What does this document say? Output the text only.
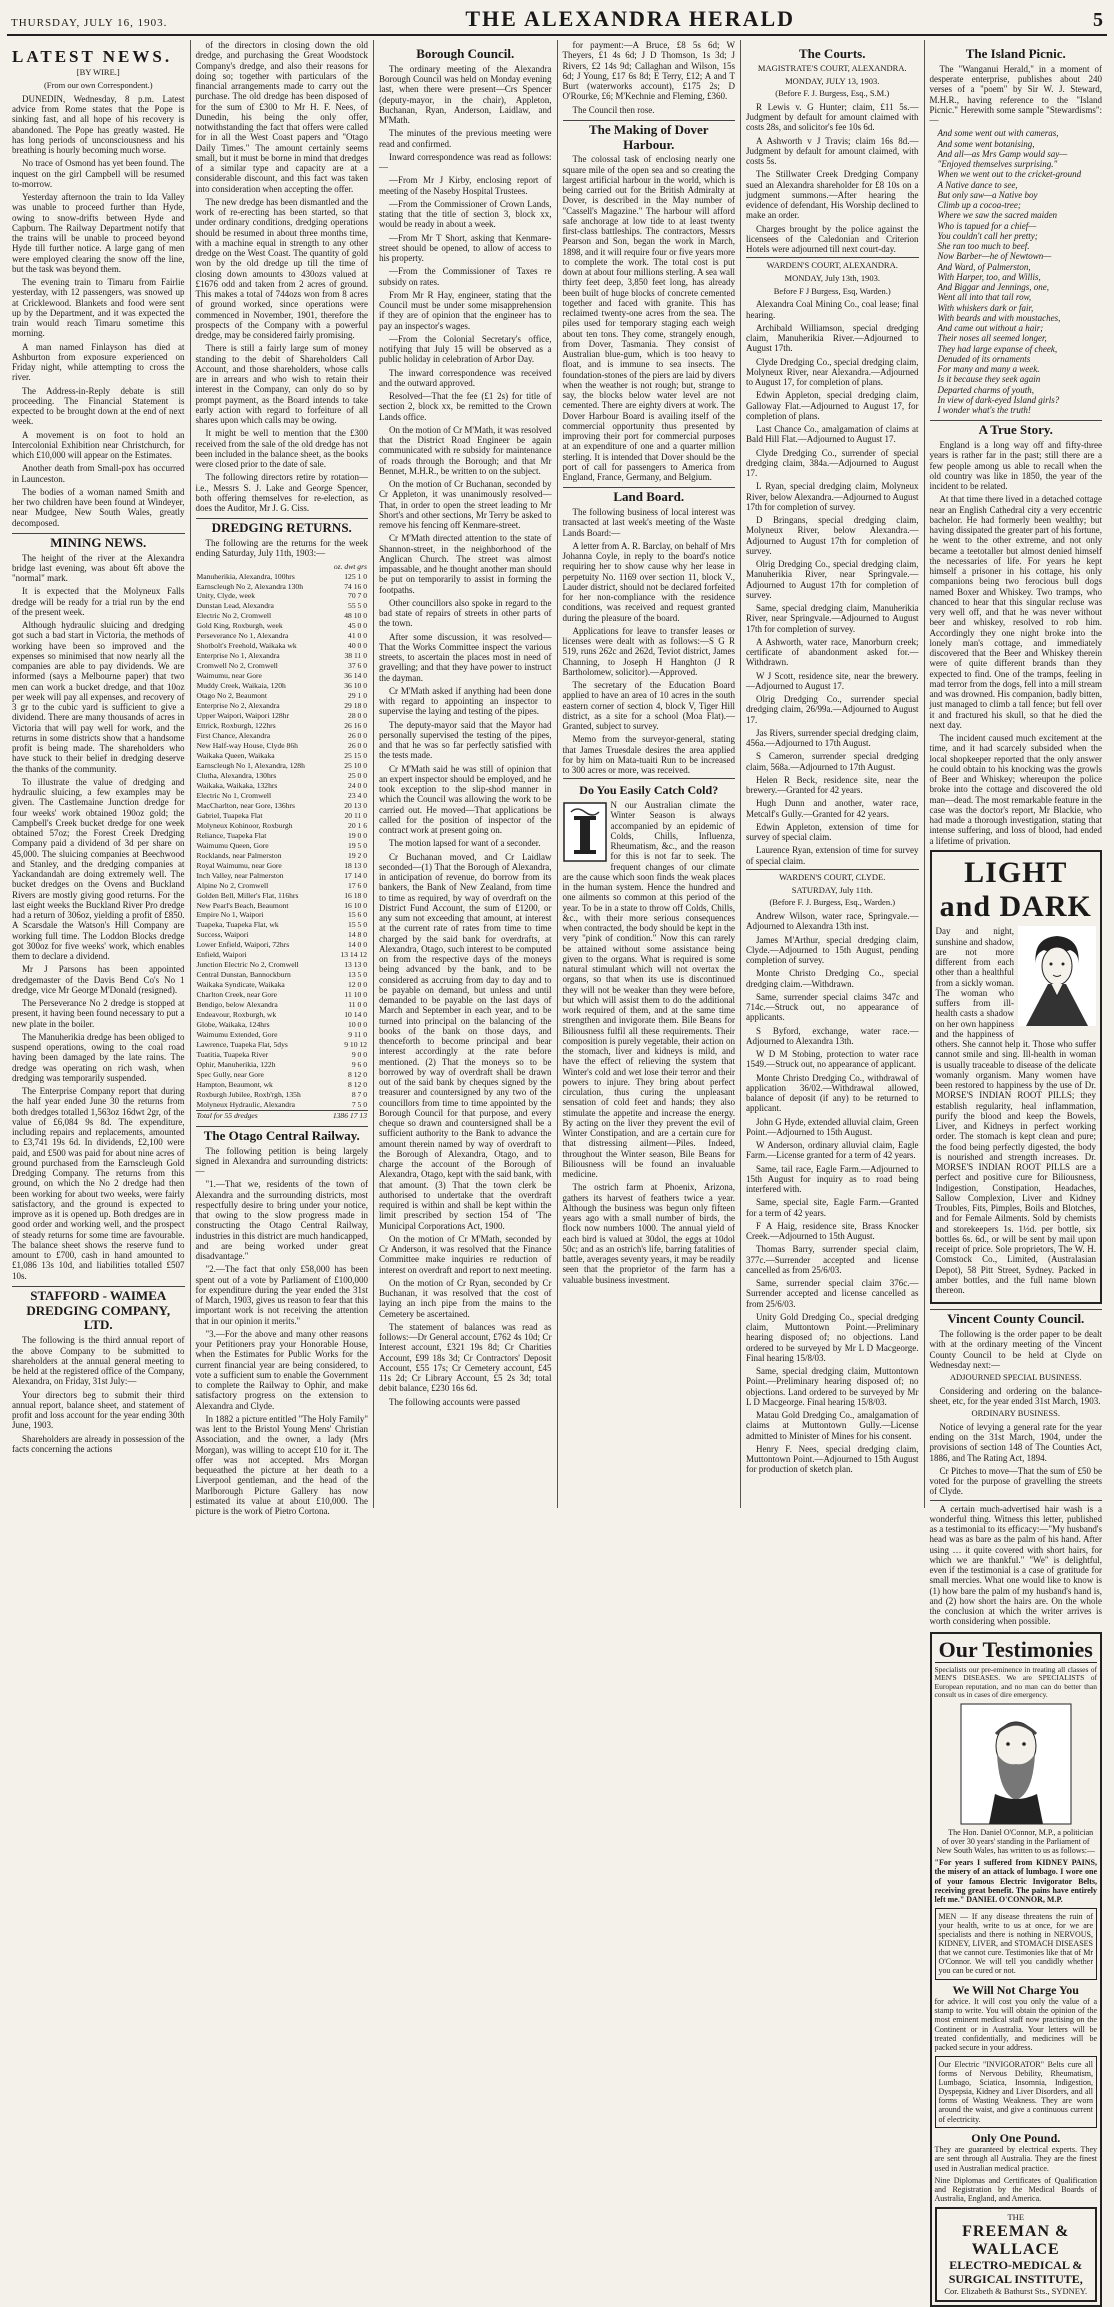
THURSDAY, JULY 16, 1903.	THE ALEXANDRA HERALD	5
LATEST NEWS.

[BY WIRE.]

(From our own Correspondent.)

DUNEDIN, Wednesday, 8 p.m. Latest advice from Rome states that the Pope is sinking fast, and all hope of his recovery is abandoned. The Pope has greatly wasted. He has long periods of unconsciousness and his breathing is hourly becoming much worse.

No trace of Osmond has yet been found. The inquest on the girl Campbell will be resumed to-morrow.

Yesterday afternoon the train to Ida Valley was unable to proceed further than Hyde, owing to snow-drifts between Hyde and Capburn. The Railway Department notify that the trains will be unable to proceed beyond Hyde till further notice. A large gang of men were employed clearing the snow off the line, but the task was beyond them.

The evening train to Timaru from Fairlie yesterday, with 12 passengers, was snowed up at Cricklewood. Blankets and food were sent up by the Department, and it was expected the train would reach Timaru sometime this morning.

A man named Finlayson has died at Ashburton from exposure experienced on Friday night, while attempting to cross the river.

The Address-in-Reply debate is still proceeding. The Financial Statement is expected to be brought down at the end of next week.

A movement is on foot to hold an Intercolonial Exhibition near Christchurch, for which £10,000 will appear on the Estimates.

Another death from Small-pox has occurred in Launceston.

The bodies of a woman named Smith and her two children have been found at Windeyer, near Mudgee, New South Wales, greatly decomposed.

MINING NEWS.

The height of the river at the Alexandra bridge last evening, was about 6ft above the "normal" mark.

It is expected that the Molyneux Falls dredge will be ready for a trial run by the end of the present week.

Although hydraulic sluicing and dredging got such a bad start in Victoria, the methods of working have been so improved and the expenses so minimised that now nearly all the companies are able to pay dividends. We are informed (says a Melbourne paper) that two men can work a bucket dredge, and that 10oz per week will pay all expenses, and recovery of 3 gr to the cubic yard is sufficient to give a dividend. There are many thousands of acres in Victoria that will pay well for work, and the returns in some districts show that a handsome profit is being made. The shareholders who have stuck to their belief in dredging deserve the thanks of the community.

To illustrate the value of dredging and hydraulic sluicing, a few examples may be given. The Castlemaine Junction dredge for four weeks' work obtained 190oz gold; the Campbell's Creek bucket dredge for one week obtained 57oz; the Forest Creek Dredging Company paid a dividend of 3d per share on 45,000. The sluicing companies at Beechwood and Stanley, and the dredging companies at Yackandandah are doing extremely well. The bucket dredges on the Ovens and Buckland Rivers are mostly giving good returns. For the last eight weeks the Buckland River Pro dredge had a return of 306oz, yielding a profit of £850. A Scarsdale the Watson's Hill Company are working full time. The Loddon Blocks dredge got 300oz for five weeks' work, which enables them to declare a dividend.

Mr J Parsons has been appointed dredgemaster of the Davis Bend Co's No 1 dredge, vice Mr George M'Donald (resigned).

The Perseverance No 2 dredge is stopped at present, it having been found necessary to put a new plate in the boiler.

The Manuherikia dredge has been obliged to suspend operations, owing to the coal road having been damaged by the late rains. The dredge was operating on rich wash, when dredging was temporarily suspended.

The Enterprise Company report that during the half year ended June 30 the returns from both dredges totalled 1,563oz 16dwt 2gr, of the value of £6,084 9s 8d. The expenditure, including repairs and replacements, amounted to £3,741 19s 6d. In dividends, £2,100 were paid, and £500 was paid for about nine acres of ground purchased from the Earnscleugh Gold Dredging Company. The returns from this ground, on which the No 2 dredge had then been working for about two weeks, were fairly satisfactory, and the ground is expected to improve as it is opened up. Both dredges are in good order and working well, and the prospect of steady returns for some time are favourable. The balance sheet shows the reserve fund to amount to £700, cash in hand amounted to £1,086 13s 10d, and liabilities totalled £507 10s.

STAFFORD - WAIMEA DREDGING COMPANY, LTD.

The following is the third annual report of the above Company to be submitted to shareholders at the annual general meeting to be held at the registered office of the Company, Alexandra, on Friday, 31st July:—

Your directors beg to submit their third annual report, balance sheet, and statement of profit and loss account for the year ending 30th June, 1903.

Shareholders are already in possession of the facts concerning the actions

of the directors in closing down the old dredge, and purchasing the Great Woodstock Company's dredge, and also their reasons for doing so; together with particulars of the financial arrangements made to carry out the purchase. The old dredge has been disposed of for the sum of £300 to Mr H. F. Nees, of Dunedin, his being the only offer, notwithstanding the fact that offers were called for in all the West Coast papers and "Otago Daily Times." The amount certainly seems small, but it must be borne in mind that dredges of a similar type and capacity are at a considerable discount, and this fact was taken into consideration when accepting the offer.

The new dredge has been dismantled and the work of re-erecting has been started, so that under ordinary conditions, dredging operations should be resumed in about three months time, with a machine equal in strength to any other dredge on the West Coast. The quantity of gold won by the old dredge up till the time of closing down amounts to 430ozs valued at £1676 odd and taken from 2 acres of ground. This makes a total of 744ozs won from 8 acres of ground worked, since operations were commenced in November, 1901, therefore the prospects of the Company with a powerful dredge, may be considered fairly promising.

There is still a fairly large sum of money standing to the debit of Shareholders Call Account, and those shareholders, whose calls are in arrears and who wish to retain their interest in the Company, can only do so by prompt payment, as the Board intends to take early action with regard to forfeiture of all shares upon which calls may be owing.

It might be well to mention that the £300 received from the sale of the old dredge has not been included in the balance sheet, as the books were closed prior to the date of sale.

The following directors retire by rotation—i.e., Messrs S. J. Lake and George Spencer, both offering themselves for re-election, as does the Auditor, Mr J. G. Ciss.

DREDGING RETURNS.

The following are the returns for the week ending Saturday, July 11th, 1903:—

	oz. dwt grs
Manuherikia, Alexandra, 100hrs	125 1 0
Earnscleugh No 2, Alexandra 130h	74 16 0
Unity, Clyde, week	70 7 0
Dunstan Lead, Alexandra	55 5 0
Electric No 2, Cromwell	48 10 0
Gold King, Roxburgh, week	45 0 0
Perseverance No 1, Alexandra	41 0 0
Shotbolt's Freehold, Waikaka wk	40 0 0
Enterprise No 1, Alexandra	38 11 0
Cromwell No 2, Cromwell	37 6 0
Waimumu, near Gore	36 14 0
Muddy Creek, Waikaia, 120h	36 10 0
Otago No 2, Beaumont	29 1 0
Enterprise No 2, Alexandra	29 18 0
Upper Waipori, Waipori 128hr	28 0 0
Ettrick, Roxburgh, 122hrs	26 16 0
First Chance, Alexandra	26 0 0
New Half-way House, Clyde 86h	26 0 0
Waikaka Queen, Waikaka	25 15 0
Earnscleugh No 1, Alexandra, 128h	25 10 0
Clutha, Alexandra, 130hrs	25 0 0
Waikaka, Waikaka, 132hrs	24 0 0
Electric No 1, Cromwell	23 4 0
MacCharlton, near Gore, 136hrs	20 13 0
Gabriel, Tuapeka Flat	20 11 0
Molyneux Kohinoor, Roxburgh	20 1 6
Reliance, Tuapeka Flat	19 0 0
Waimumu Queen, Gore	19 5 0
Rocklands, near Palmerston	19 2 0
Royal Waimumu, near Gore	18 13 0
Inch Valley, near Palmerston	17 14 0
Alpine No 2, Cromwell	17 6 0
Golden Bell, Miller's Flat, 116hrs	16 18 0
New Pearl's Beach, Beaumont	16 10 0
Empire No 1, Waipori	15 6 0
Tuapeka, Tuapeka Flat, wk	15 5 0
Success, Waipori	14 8 0
Lower Enfield, Waipori, 72hrs	14 0 0
Enfield, Waipori	13 14 12
Junction Electric No 2, Cromwell	13 13 0
Central Dunstan, Bannockburn	13 5 0
Waikaka Syndicate, Waikaka	12 0 0
Charlton Creek, near Gore	11 10 0
Bendigo, below Alexandra	11 0 0
Endeavour, Roxburgh, wk	10 14 0
Globe, Waikaka, 124hrs	10 0 0
Waimumu Extended, Gore	9 11 0
Lawrence, Tuapeka Flat, 5dys	9 10 12
Tuatitia, Tuapeka River	9 0 0
Ophir, Manuherikia, 122h	9 6 0
Spec Gully, near Gore	8 12 0
Hampton, Beaumont, wk	8 12 0
Roxburgh Jubilee, Roxb'rgh, 135h	8 7 0
Molyneux Hydraulic, Alexandra	7 5 0
Total for 55 dredges	1386 17 13
The Otago Central Railway.

The following petition is being largely signed in Alexandra and surrounding districts:—

"1.—That we, residents of the town of Alexandra and the surrounding districts, most respectfully desire to bring under your notice, that owing to the slow progress made in constructing the Otago Central Railway, industries in this district are much handicapped, and are being worked under great disadvantage."

"2.—The fact that only £58,000 has been spent out of a vote by Parliament of £100,000 for expenditure during the year ended the 31st of March, 1903, gives us reason to fear that this important work is not receiving the attention that in our opinion it merits."

"3.—For the above and many other reasons your Petitioners pray your Honorable House, when the Estimates for Public Works for the current financial year are being considered, to vote a sufficient sum to enable the Government to complete the Railway to Ophir, and make satisfactory progress on the extension to Alexandra and Clyde.

In 1882 a picture entitled "The Holy Family" was lent to the Bristol Young Mens' Christian Association, and the owner, a lady (Mrs Morgan), was willing to accept £10 for it. The offer was not accepted. Mrs Morgan bequeathed the picture at her death to a Liverpool gentleman, and the head of the Marlborough Picture Gallery has now estimated its value at about £10,000. The picture is the work of Pietro Cortona.

Borough Council.

The ordinary meeting of the Alexandra Borough Council was held on Monday evening last, when there were present—Crs Spencer (deputy-mayor, in the chair), Appleton, Buchanan, Ryan, Anderson, Laidlaw, and M'Math.

The minutes of the previous meeting were read and confirmed.

Inward correspondence was read as follows:—

—From Mr J Kirby, enclosing report of meeting of the Naseby Hospital Trustees.

—From the Commissioner of Crown Lands, stating that the title of section 3, block xx, would be ready in about a week.

—From Mr T Short, asking that Kenmare-street should be opened, to allow of access to his property.

—From the Commissioner of Taxes re subsidy on rates.

From Mr R Hay, engineer, stating that the Council must be under some misapprehension if they are of opinion that the engineer has to pay an inspector's wages.

—From the Colonial Secretary's office, notifying that July 15 will be observed as a public holiday in celebration of Arbor Day.

The inward correspondence was received and the outward approved.

Resolved—That the fee (£1 2s) for title of section 2, block xx, be remitted to the Crown Lands office.

On the motion of Cr M'Math, it was resolved that the District Road Engineer be again communicated with re subsidy for maintenance of roads through the Borough; and that Mr Bennet, M.H.R., be written to on the subject.

On the motion of Cr Buchanan, seconded by Cr Appleton, it was unanimously resolved—That, in order to open the street leading to Mr Short's and other sections, Mr Terry be asked to remove his fencing off Kenmare-street.

Cr M'Math directed attention to the state of Shannon-street, in the neighborhood of the Anglican Church. The street was almost impassable, and he thought another man should be put on temporarily to assist in forming the footpaths.

Other councillors also spoke in regard to the bad state of repairs of streets in other parts of the town.

After some discussion, it was resolved—That the Works Committee inspect the various streets, to ascertain the places most in need of gravelling; and that they have power to instruct the dayman.

Cr M'Math asked if anything had been done with regard to appointing an inspector to supervise the laying and testing of the pipes.

The deputy-mayor said that the Mayor had personally supervised the testing of the pipes, and that he was so far perfectly satisfied with the tests made.

Cr M'Math said he was still of opinion that an expert inspector should be employed, and he took exception to the slip-shod manner in which the Council was allowing the work to be carried out. He moved—That applications be called for the position of inspector of the contract work at present going on.

The motion lapsed for want of a seconder.

Cr Buchanan moved, and Cr Laidlaw seconded—(1) That the Borough of Alexandra, in anticipation of revenue, do borrow from its bankers, the Bank of New Zealand, from time to time as required, by way of overdraft on the District Fund Account, the sum of £1200, or any sum not exceeding that amount, at interest at the current rate of rates from time to time charged by the said bank for overdrafts, at Alexandra, Otago, such interest to be computed on from the respective days of the moneys being advanced by the bank, and to be considered as accruing from day to day and to be payable on demand, but unless and until demanded to be payable on the last days of March and September in each year, and to be turned into principal on the balancing of the books of the bank on those days, and thenceforth to become principal and bear interest accordingly at the rate before mentioned. (2) That the moneys so to be borrowed by way of overdraft shall be drawn out of the said bank by cheques signed by the treasurer and countersigned by any two of the councillors from time to time appointed by the Borough Council for that purpose, and every cheque so drawn and countersigned shall be a sufficient authority to the Bank to advance the amount therein named by way of overdraft to the Borough of Alexandra, Otago, and to charge the account of the Borough of Alexandra, Otago, kept with the said bank, with that amount. (3) That the town clerk be authorised to undertake that the overdraft required is within and shall be kept within the limit prescribed by section 154 of 'The Municipal Corporations Act, 1900.

On the motion of Cr M'Math, seconded by Cr Anderson, it was resolved that the Finance Committee make inquiries re reduction of interest on overdraft and report to next meeting.

On the motion of Cr Ryan, seconded by Cr Buchanan, it was resolved that the cost of laying an inch pipe from the mains to the Cemetery be ascertained.

The statement of balances was read as follows:—Dr General account, £762 4s 10d; Cr Interest account, £321 19s 8d; Cr Charities Account, £99 18s 3d; Cr Contractors' Deposit Account, £55 17s; Cr Cemetery account, £45 11s 2d; Cr Library Account, £5 2s 3d; total debit balance, £230 16s 6d.

The following accounts were passed

for payment:—A Bruce, £8 5s 6d; W Theyers, £1 4s 6d; J D Thomson, 1s 3d; J Rivers, £2 14s 9d; Callaghan and Wilson, 15s 6d; J Young, £17 6s 8d; E Terry, £12; A and T Burt (waterworks account), £175 2s; D O'Rourke, £6; M'Kechnie and Fleming, £360.

The Council then rose.

The Making of Dover Harbour.

The colossal task of enclosing nearly one square mile of the open sea and so creating the largest artificial harbour in the world, which is being carried out for the British Admiralty at Dover, is described in the May number of "Cassell's Magazine." The harbour will afford safe anchorage at low tide to at least twenty first-class battleships. The contractors, Messrs Pearson and Son, began the work in March, 1898, and it will require four or five years more to complete the work. The total cost is put down at about four millions sterling. A sea wall thirty feet deep, 3,850 feet long, has already been built of huge blocks of concrete cemented together and faced with granite. This has reclaimed twenty-one acres from the sea. The piles used for temporary staging each weigh about ten tons. They come, strangely enough, from Dover, Tasmania. They consist of Australian blue-gum, which is too heavy to float, and is immune to sea insects. The foundation-stones of the piers are laid by divers when the weather is not rough; but, strange to say, the blocks below water level are not cemented. There are eighty divers at work. The Dover Harbour Board is availing itself of the commercial opportunity thus presented by improving their port for commercial purposes at an expenditure of one and a quarter million sterling. It is intended that Dover should be the port of call for passengers to America from England, France, Germany, and Belgium.

Land Board.

The following business of local interest was transacted at last week's meeting of the Waste Lands Board:—

A letter from A. R. Barclay, on behalf of Mrs Johanna Coyle, in reply to the board's notice requiring her to show cause why her lease in perpetuity No. 1169 over section 11, block V., Lauder district, should not be declared forfeited for her non-compliance with the residence conditions, was received and request granted during the pleasure of the board.

Applications for leave to transfer leases or licenses were dealt with as follows:—S G R 519, runs 262c and 262d, Teviot district, James Channing, to Joseph H Hanghton (J R Bartholomew, solicitor).—Approved.

The secretary of the Education Board applied to have an area of 10 acres in the south eastern corner of section 4, block V, Tiger Hill district, as a site for a school (Moa Flat).—Granted, subject to survey.

Memo from the surveyor-general, stating that James Truesdale desires the area applied for by him on Mata-tuaiti Run to be increased to 300 acres or more, was received.

Do You Easily Catch Cold?

N our Australian climate the Winter Season is always accompanied by an epidemic of Colds, Chills, Influenza, Rheumatism, &c., and the reason for this is not far to seek. The frequent changes of our climate are the cause which soon finds the weak places in the human system. Hence the hundred and one ailments so common at this period of the year. To be in a state to throw off Colds, Chills, &c., with their more serious consequences when contracted, the body should be kept in the very "pink of condition." Now this can rarely be attained without some assistance being given to the organs. What is required is some natural stimulant which will not overtax the organs, so that when its use is discontinued they will not be weaker than they were before, but which will assist them to do the additional work required of them, and at the same time strengthen and invigorate them. Bile Beans for Biliousness fulfil all these requirements. Their composition is purely vegetable, their action on the stomach, liver and kidneys is mild, and have the effect of relieving the system that Winter's cold and wet lose their terror and their powers to injure. They bring about perfect circulation, thus curing the unpleasant sensation of cold feet and hands; they also stimulate the appetite and increase the energy. By acting on the liver they prevent the evil of Winter Constipation, and are a certain cure for that distressing ailment—Piles. Indeed, throughout the Winter season, Bile Beans for Biliousness will be found an invaluable medicine.

The ostrich farm at Phoenix, Arizona, gathers its harvest of feathers twice a year. Although the business was begun only fifteen years ago with a small number of birds, the flock now numbers 1000. The annual yield of each bird is valued at 30dol, the eggs at 10dol 50c; and as an ostrich's life, barring fatalities of battle, averages seventy years, it may be readily seen that the proprietor of the farm has a valuable business investment.

The Courts.

MAGISTRATE'S COURT, ALEXANDRA.

MONDAY, JULY 13, 1903.

(Before F. J. Burgess, Esq., S.M.)

R Lewis v. G Hunter; claim, £11 5s.—Judgment by default for amount claimed with costs 28s, and solicitor's fee 10s 6d.

A Ashworth v J Travis; claim 16s 8d.—Judgment by default for amount claimed, with costs 5s.

The Stillwater Creek Dredging Company sued an Alexandra shareholder for £8 10s on a judgment summons.—After hearing the evidence of defendant, His Worship declined to make an order.

Charges brought by the police against the licensees of the Caledonian and Criterion Hotels were adjourned till next court-day.

WARDEN'S COURT, ALEXANDRA.

MONDAY, July 13th, 1903.

Before F J Burgess, Esq, Warden.)

Alexandra Coal Mining Co., coal lease; final hearing.

Archibald Williamson, special dredging claim, Manuherikia River.—Adjourned to August 17th.

Clyde Dredging Co., special dredging claim, Molyneux River, near Alexandra.—Adjourned to August 17, for completion of plans.

Edwin Appleton, special dredging claim, Galloway Flat.—Adjourned to August 17, for completion of plans.

Last Chance Co., amalgamation of claims at Bald Hill Flat.—Adjourned to August 17.

Clyde Dredging Co., surrender of special dredging claim, 384a.—Adjourned to August 17.

L Ryan, special dredging claim, Molyneux River, below Alexandra.—Adjourned to August 17th for completion of survey.

D Bringans, special dredging claim, Molyneux River, below Alexandra.—Adjourned to August 17th for completion of survey.

Olrig Dredging Co., special dredging claim, Manuherikia River, near Springvale.—Adjourned to August 17th for completion of survey.

Same, special dredging claim, Manuherikia River, near Springvale.—Adjourned to August 17th for completion of survey.

A Ashworth, water race, Manorburn creek; certificate of abandonment asked for.—Withdrawn.

W J Scott, residence site, near the brewery.—Adjourned to August 17.

Olrig Dredging Co., surrender special dredging claim, 26/99a.—Adjourned to August 17.

Jas Rivers, surrender special dredging claim, 456a.—Adjourned to 17th August.

S Cameron, surrender special dredging claim, 568a.—Adjourned to 17th August.

Helen R Beck, residence site, near the brewery.—Granted for 42 years.

Hugh Dunn and another, water race, Metcalf's Gully.—Granted for 42 years.

Edwin Appleton, extension of time for survey of special claim.

Laurence Ryan, extension of time for survey of special claim.

WARDEN'S COURT, CLYDE.

SATURDAY, July 11th.

(Before F. J. Burgess, Esq., Warden.)

Andrew Wilson, water race, Springvale.—Adjourned to Alexandra 13th inst.

James M'Arthur, special dredging claim, Clyde.—Adjourned to 15th August, pending completion of survey.

Monte Christo Dredging Co., special dredging claim.—Withdrawn.

Same, surrender special claims 347c and 714c.—Struck out, no appearance of applicants.

S Byford, exchange, water race.—Adjourned to Alexandra 13th.

W D M Stobing, protection to water race 1549.—Struck out, no appearance of applicant.

Monte Christo Dredging Co., withdrawal of application 36/02.—Withdrawal allowed, balance of deposit (if any) to be returned to applicant.

John G Hyde, extended alluvial claim, Green Point.—Adjourned to 15th August.

W Anderson, ordinary alluvial claim, Eagle Farm.—License granted for a term of 42 years.

Same, tail race, Eagle Farm.—Adjourned to 15th August for inquiry as to road being interfered with.

Same, special site, Eagle Farm.—Granted for a term of 42 years.

F A Haig, residence site, Brass Knocker Creek.—Adjourned to 15th August.

Thomas Barry, surrender special claim, 377c.—Surrender accepted and license cancelled as from 25/6/03.

Same, surrender special claim 376c.—Surrender accepted and license cancelled as from 25/6/03.

Unity Gold Dredging Co., special dredging claim, Muttontown Point.—Preliminary hearing disposed of; no objections. Land ordered to be surveyed by Mr L D Macgeorge. Final hearing 15/8/03.

Same, special dredging claim, Muttontown Point.—Preliminary hearing disposed of; no objections. Land ordered to be surveyed by Mr L D Macgeorge. Final hearing 15/8/03.

Matau Gold Dredging Co., amalgamation of claims at Muttontown Gully.—License admitted to Minister of Mines for his consent.

Henry F. Nees, special dredging claim, Muttontown Point.—Adjourned to 15th August for production of sketch plan.

The Island Picnic.

The "Wanganui Herald," in a moment of desperate enterprise, publishes about 240 verses of a "poem" by Sir W. J. Steward, M.H.R., having reference to the "Island Picnic." Herewith some sample "Stewardisms":—

And some went out with cameras,

And some went botanising,

And all—as Mrs Gamp would say—

"Enjoyed themselves surprising."

When we went out to the cricket-ground

A Native dance to see,

But only saw—a Native boy

Climb up a cocoa-tree;

Where we saw the sacred maiden

Who is tapued for a chief—

You couldn't call her pretty;

She ran too much to beef.

Now Barber—he of Newtown—

And Ward, of Palmerston,

With Harper, too, and Willis,

And Biggar and Jennings, one,

Went all into that tail row,

With whiskers dark or fair,

With beards and with moustaches,

And came out without a hair;

Their noses all seemed longer,

They had large expanse of cheek,

Denuded of its ornaments

For many and many a week.

Is it because they seek again

Departed charms of youth,

In view of dark-eyed Island girls?

I wonder what's the truth!

A True Story.

England is a long way off and fifty-three years is rather far in the past; still there are a few people among us able to recall when the old country was like in 1850, the year of the incident to be related.

At that time there lived in a detached cottage near an English Cathedral city a very eccentric bachelor. He had formerly been wealthy; but having dissipated the greater part of his fortune, he went to the other extreme, and not only became a teetotaller but almost denied himself the necessaries of life. For years he kept himself a prisoner in his cottage, his only companions being two ferocious bull dogs named Boxer and Whiskey. Two tramps, who chanced to hear that this singular recluse was very well off, and that he was never without beer and whiskey, resolved to rob him. Accordingly they one night broke into the lonely man's cottage, and immediately discovered that the Beer and Whiskey therein were of quite different brands than they expected to find. One of the tramps, feeling in mad terror from the dogs, fell into a mill stream and was drowned. His companion, badly bitten, just managed to climb a tall fence; but fell over it and fractured his skull, so that he died the next day.

The incident caused much excitement at the time, and it had scarcely subsided when the local shopkeeper reported that the only answer he could obtain to his knocking was the growls of Beer and Whiskey; whereupon the police broke into the cottage and discovered the old man—dead. The most remarkable feature in the case was the doctor's report, Mr Blackie, who had made a thorough investigation, stating that intense suffering, and loss of blood, had ended a lifetime of privation.

LIGHT and DARK

Day and night, sunshine and shadow, are not more different from each other than a healthful from a sickly woman. The woman who suffers from ill-health casts a shadow on her own happiness and the happiness of others. She cannot help it. Those who suffer cannot smile and sing. Ill-health in woman is usually traceable to disease of the delicate womanly organism. Many women have been restored to happiness by the use of Dr. MORSE'S INDIAN ROOT PILLS; they establish regularity, heal inflammation, purify the blood and keep the Bowels, Liver, and Kidneys in perfect working order. The stomach is kept clean and pure; the food being perfectly digested, the body is nourished and strength increases. Dr. MORSE'S INDIAN ROOT PILLS are a perfect and positive cure for Biliousness, Indigestion, Constipation, Headaches, Sallow Complexion, Liver and Kidney Troubles, Fits, Pimples, Boils and Blotches, and for Female Ailments. Sold by chemists and storekeepers 1s. 1½d. per bottle, six bottles 6s. 6d., or will be sent by mail upon receipt of price. Sole proprietors, The W. H. Comstock Co., Limited, (Australasian Depot), 58 Pitt Street, Sydney. Packed in amber bottles, and the full name blown thereon.

Vincent County Council.

The following is the order paper to be dealt with at the ordinary meeting of the Vincent County Council to be held at Clyde on Wednesday next:—

ADJOURNED SPECIAL BUSINESS.

Considering and ordering on the balance-sheet, etc, for the year ended 31st March, 1903.

ORDINARY BUSINESS.

Notice of levying a general rate for the year ending on the 31st March, 1904, under the provisions of section 148 of The Counties Act, 1886, and The Rating Act, 1894.

Cr Pitches to move—That the sum of £50 be voted for the purpose of gravelling the streets of Clyde.

A certain much-advertised hair wash is a wonderful thing. Witness this letter, published as a testimonial to its efficacy:—"My husband's head was as bare as the palm of his hand. After using … it quite covered with short hairs, for which we are thankful." "We" is delightful, even if the testimonial is a case of gratitude for small mercies. What one would like to know is (1) how bare the palm of my husband's hand is, and (2) how short the hairs are. On the whole the conclusion at which the writer arrives is worth considering when possible.

Our Testimonies

Specialists our pre-eminence in treating all classes of MEN'S DISEASES. We are SPECIALISTS of European reputation, and no man can do better than consult us in cases of dire emergency.

The Hon. Daniel O'Connor, M.P., a politician of over 30 years' standing in the Parliament of New South Wales, has written to us as follows:—

"For years I suffered from KIDNEY PAINS, the misery of an attack of lumbago. I wore one of your famous Electric Invigorator Belts, receiving great benefit. The pains have entirely left me." DANIEL O'CONNOR, M.P.

MEN — If any disease threatens the ruin of your health, write to us at once, for we are specialists and there is nothing in NERVOUS, KIDNEY, LIVER, and STOMACH DISEASES that we cannot cure. Testimonies like that of Mr O'Connor. We will tell you candidly whether you can be cured or not.
We Will Not Charge You

for advice. It will cost you only the value of a stamp to write. You will obtain the opinion of the most eminent medical staff now practising on the Continent or in Australia. Your letters will be treated confidentially, and medicines will be packed secure in your address.

Our Electric "INVIGORATOR" Belts cure all forms of Nervous Debility, Rheumatism, Lumbago, Sciatica, Insomnia, Indigestion, Dyspepsia, Kidney and Liver Disorders, and all forms of Wasting Weakness. They are worn around the waist, and give a continuous current of electricity.
Only One Pound.

They are guaranteed by electrical experts. They are sent through all Australia. They are the finest used in Australian medical practice.

Nine Diplomas and Certificates of Qualification and Registration by the Medical Boards of Australia, England, and America.

THE
FREEMAN & WALLACE
ELECTRO-MEDICAL & SURGICAL INSTITUTE,
Cor. Elizabeth & Bathurst Sts., SYDNEY.
